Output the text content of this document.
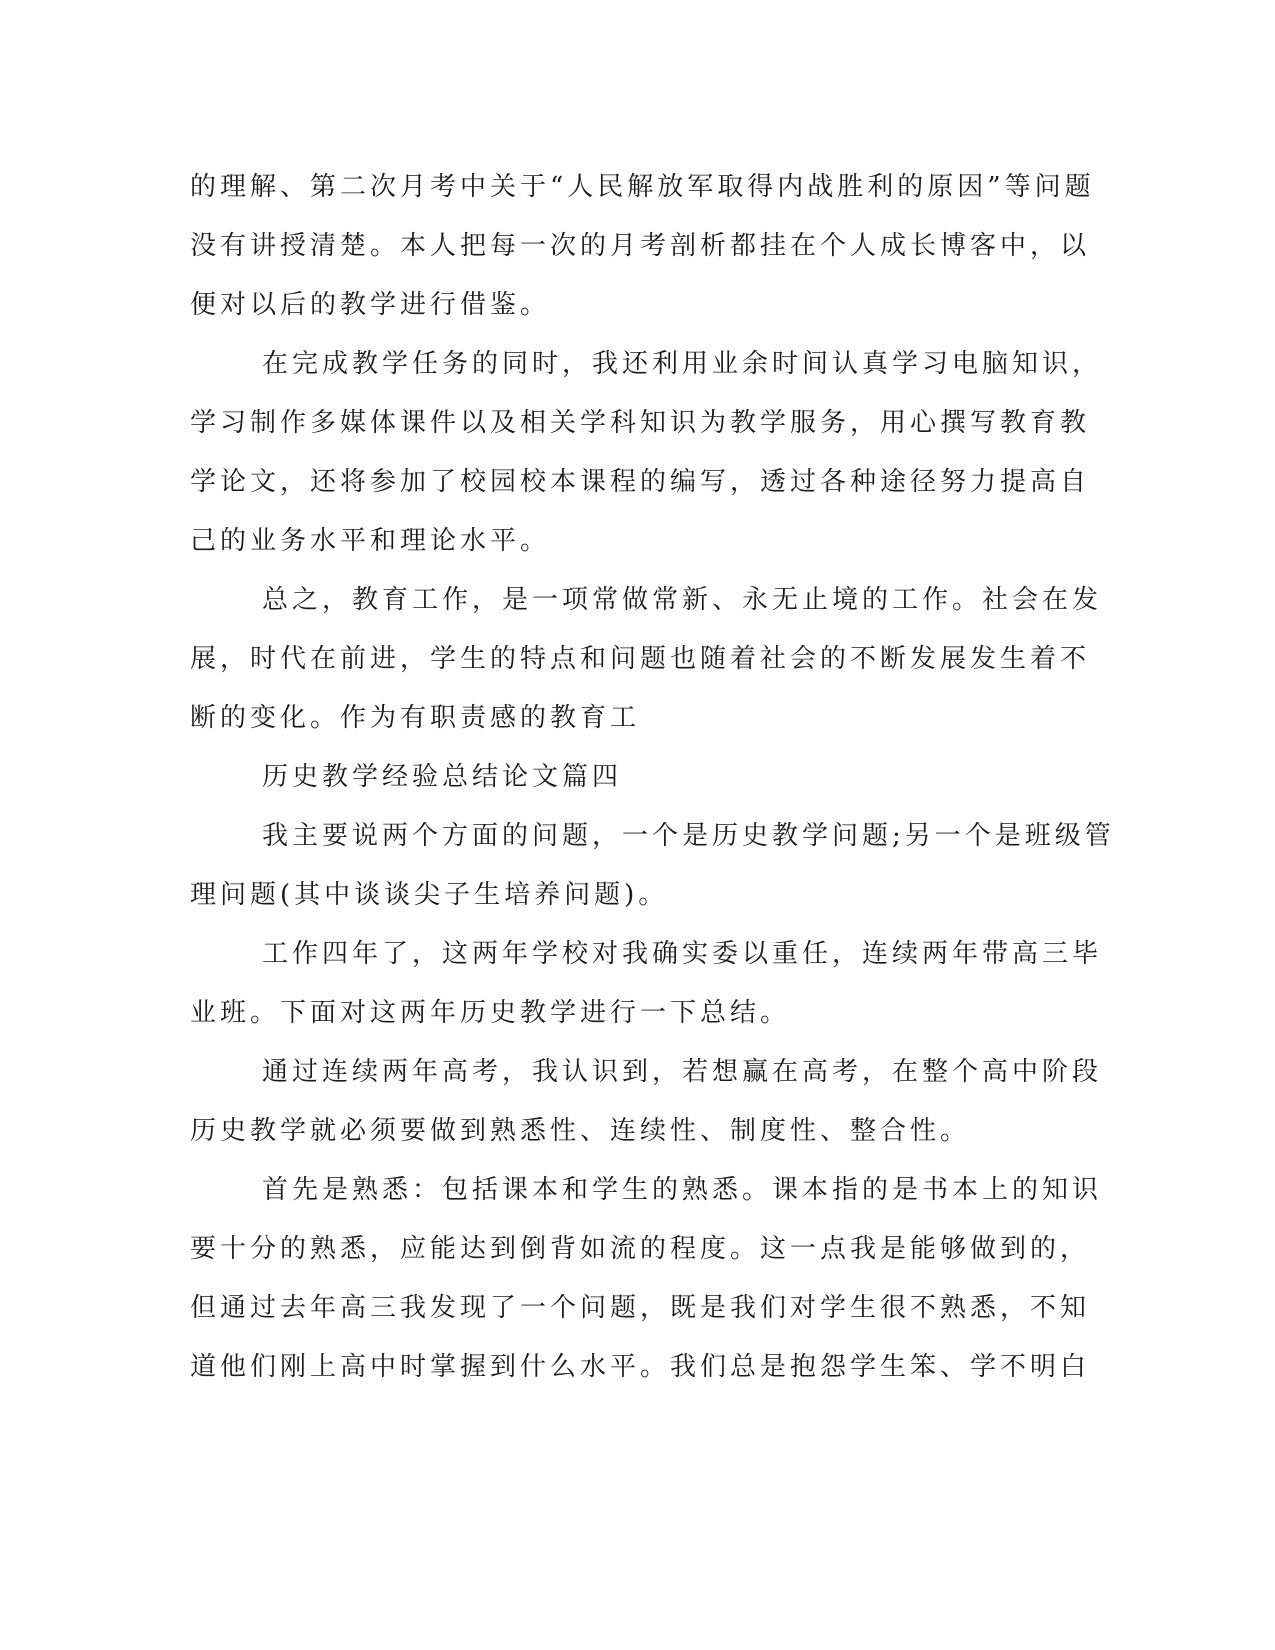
的理解、第二次月考中关于“人民解放军取得内战胜利的原因”等问题
没有讲授清楚。本人把每一次的月考剖析都挂在个人成长博客中，以
便对以后的教学进行借鉴。
在完成教学任务的同时，我还利用业余时间认真学习电脑知识，
学习制作多媒体课件以及相关学科知识为教学服务，用心撰写教育教
学论文，还将参加了校园校本课程的编写，透过各种途径努力提高自
己的业务水平和理论水平。
总之，教育工作，是一项常做常新、永无止境的工作。社会在发
展，时代在前进，学生的特点和问题也随着社会的不断发展发生着不
断的变化。作为有职责感的教育工
历史教学经验总结论文篇四
我主要说两个方面的问题，一个是历史教学问题;另一个是班级管
理问题(其中谈谈尖子生培养问题)。
工作四年了，这两年学校对我确实委以重任，连续两年带高三毕
业班。下面对这两年历史教学进行一下总结。
通过连续两年高考，我认识到，若想赢在高考，在整个高中阶段
历史教学就必须要做到熟悉性、连续性、制度性、整合性。
首先是熟悉：包括课本和学生的熟悉。课本指的是书本上的知识
要十分的熟悉，应能达到倒背如流的程度。这一点我是能够做到的，
但通过去年高三我发现了一个问题，既是我们对学生很不熟悉，不知
道他们刚上高中时掌握到什么水平。我们总是抱怨学生笨、学不明白
